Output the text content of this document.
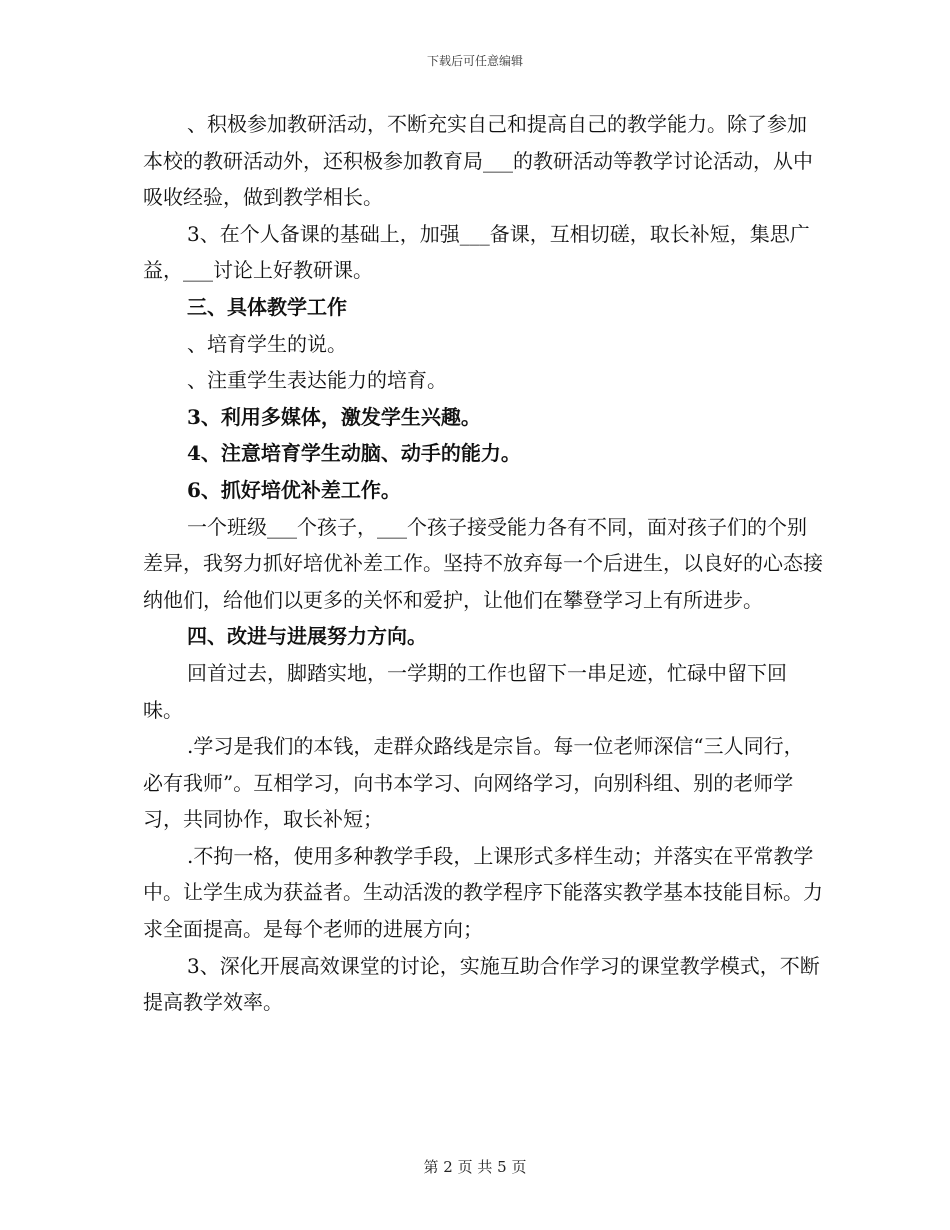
下载后可任意编辑

、积极参加教研活动，不断充实自己和提高自己的教学能力。除了参加本校的教研活动外，还积极参加教育局___的教研活动等教学讨论活动，从中吸收经验，做到教学相长。

3、在个人备课的基础上，加强___备课，互相切磋，取长补短，集思广益，___讨论上好教研课。

三、具体教学工作

、培育学生的说。

、注重学生表达能力的培育。

3、利用多媒体，激发学生兴趣。

4、注意培育学生动脑、动手的能力。

6、抓好培优补差工作。

一个班级___个孩子，___个孩子接受能力各有不同，面对孩子们的个别差异，我努力抓好培优补差工作。坚持不放弃每一个后进生，以良好的心态接纳他们，给他们以更多的关怀和爱护，让他们在攀登学习上有所进步。

四、改进与进展努力方向。

回首过去，脚踏实地，一学期的工作也留下一串足迹，忙碌中留下回味。

.学习是我们的本钱，走群众路线是宗旨。每一位老师深信“三人同行，必有我师”。互相学习，向书本学习、向网络学习，向别科组、别的老师学习，共同协作，取长补短；

.不拘一格，使用多种教学手段，上课形式多样生动；并落实在平常教学中。让学生成为获益者。生动活泼的教学程序下能落实教学基本技能目标。力求全面提高。是每个老师的进展方向；

3、深化开展高效课堂的讨论，实施互助合作学习的课堂教学模式，不断提高教学效率。

第 2 页 共 5 页
